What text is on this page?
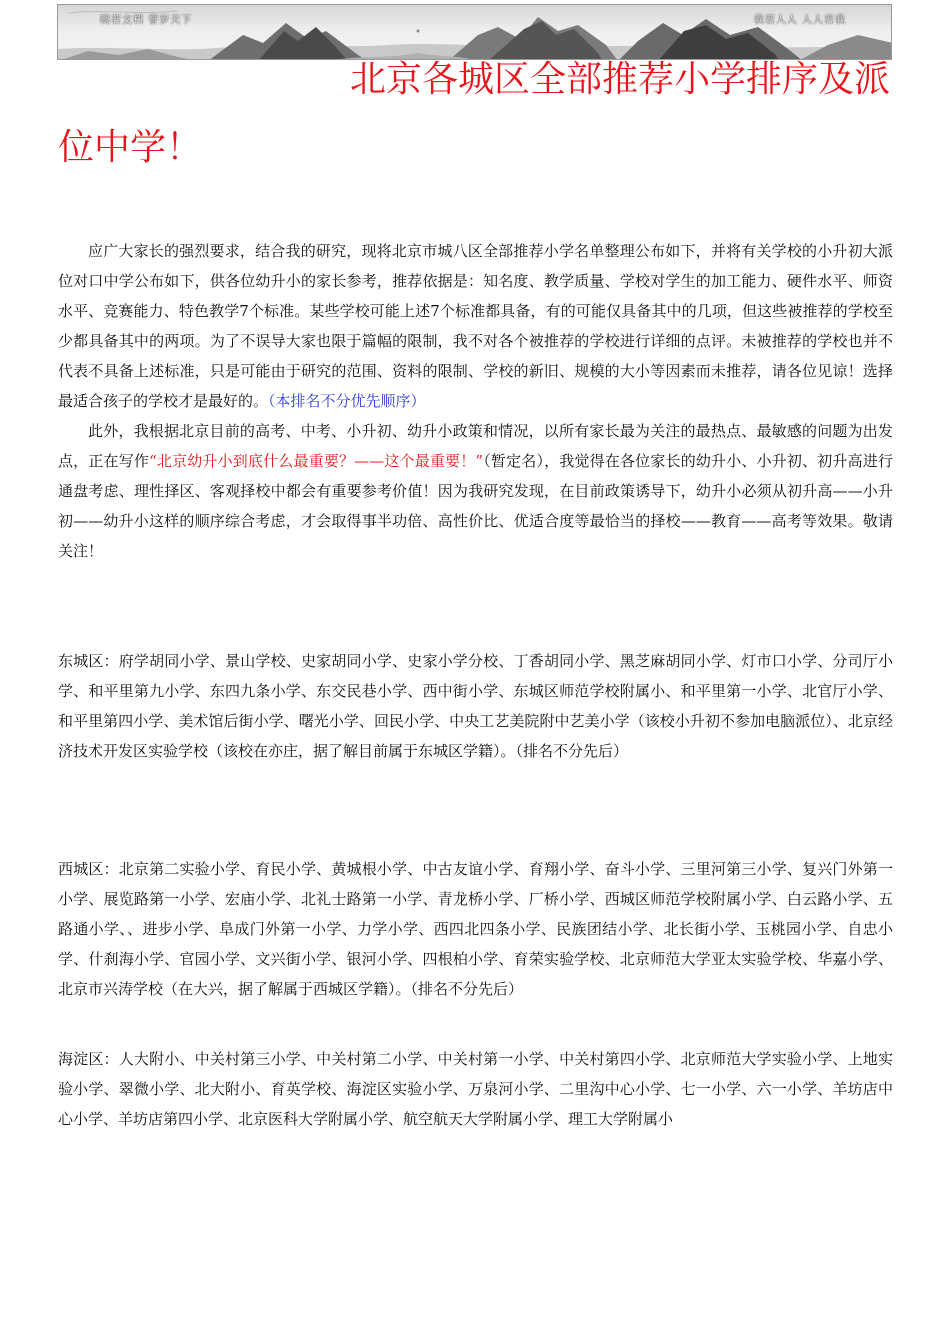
晓若文档 誉岁天下	我若人人 人人若我
北京各城区全部推荐小学排序及派
位中学！

应广大家长的强烈要求，结合我的研究，现将北京市城八区全部推荐小学名单整理公布如下，并将有关学校的小升初大派位对口中学公布如下，供各位幼升小的家长参考，推荐依据是：知名度、教学质量、学校对学生的加工能力、硬件水平、师资水平、竞赛能力、特色教学7个标准。某些学校可能上述7个标准都具备，有的可能仅具备其中的几项，但这些被推荐的学校至少都具备其中的两项。为了不误导大家也限于篇幅的限制，我不对各个被推荐的学校进行详细的点评。未被推荐的学校也并不代表不具备上述标准，只是可能由于研究的范围、资料的限制、学校的新旧、规模的大小等因素而未推荐，请各位见谅！选择最适合孩子的学校才是最好的。（本排名不分优先顺序）

此外，我根据北京目前的高考、中考、小升初、幼升小政策和情况，以所有家长最为关注的最热点、最敏感的问题为出发点，正在写作“北京幼升小到底什么最重要？——这个最重要！”（暂定名），我觉得在各位家长的幼升小、小升初、初升高进行通盘考虑、理性择区、客观择校中都会有重要参考价值！因为我研究发现，在目前政策诱导下，幼升小必须从初升高——小升初——幼升小这样的顺序综合考虑，才会取得事半功倍、高性价比、优适合度等最恰当的择校——教育——高考等效果。敬请关注！

东城区：府学胡同小学、景山学校、史家胡同小学、史家小学分校、丁香胡同小学、黑芝麻胡同小学、灯市口小学、分司厅小学、和平里第九小学、东四九条小学、东交民巷小学、西中街小学、东城区师范学校附属小、和平里第一小学、北官厅小学、和平里第四小学、美术馆后街小学、曙光小学、回民小学、中央工艺美院附中艺美小学（该校小升初不参加电脑派位）、北京经济技术开发区实验学校（该校在亦庄，据了解目前属于东城区学籍）。（排名不分先后）

西城区：北京第二实验小学、育民小学、黄城根小学、中古友谊小学、育翔小学、奋斗小学、三里河第三小学、复兴门外第一小学、展览路第一小学、宏庙小学、北礼士路第一小学、青龙桥小学、厂桥小学、西城区师范学校附属小学、白云路小学、五路通小学、、进步小学、阜成门外第一小学、力学小学、西四北四条小学、民族团结小学、北长街小学、玉桃园小学、自忠小学、什刹海小学、官园小学、文兴街小学、银河小学、四根柏小学、育荣实验学校、北京师范大学亚太实验学校、华嘉小学、北京市兴涛学校（在大兴，据了解属于西城区学籍）。（排名不分先后）

海淀区：人大附小、中关村第三小学、中关村第二小学、中关村第一小学、中关村第四小学、北京师范大学实验小学、上地实验小学、翠微小学、北大附小、育英学校、海淀区实验小学、万泉河小学、二里沟中心小学、七一小学、六一小学、羊坊店中心小学、羊坊店第四小学、北京医科大学附属小学、航空航天大学附属小学、理工大学附属小
